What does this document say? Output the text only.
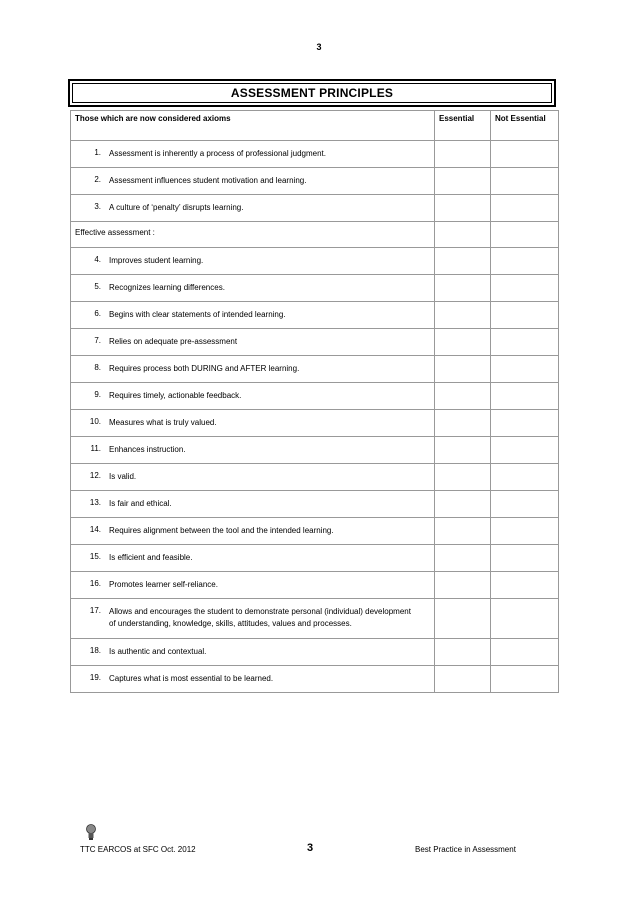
3
ASSESSMENT PRINCIPLES
Those which are now considered axioms	Essential	Not Essential
1. Assessment is inherently a process of professional judgment.		
2. Assessment influences student motivation and learning.		
3. A culture of ‘penalty’ disrupts learning.		
Effective assessment :		
4. Improves student learning.		
5. Recognizes learning differences.		
6. Begins with clear statements of intended learning.		
7. Relies on adequate pre-assessment		
8. Requires process both DURING and AFTER learning.		
9. Requires timely, actionable feedback.		
10. Measures what is truly valued.		
11. Enhances instruction.		
12. Is valid.		
13. Is fair and ethical.		
14. Requires alignment between the tool and the intended learning.		
15. Is efficient and feasible.		
16. Promotes learner self-reliance.		
17. Allows and encourages the student to demonstrate personal (individual) development of understanding, knowledge, skills, attitudes, values and processes.		
18. Is authentic and contextual.		
19. Captures what is most essential to be learned.		
TTC EARCOS at SFC Oct. 2012	3	Best Practice in Assessment
